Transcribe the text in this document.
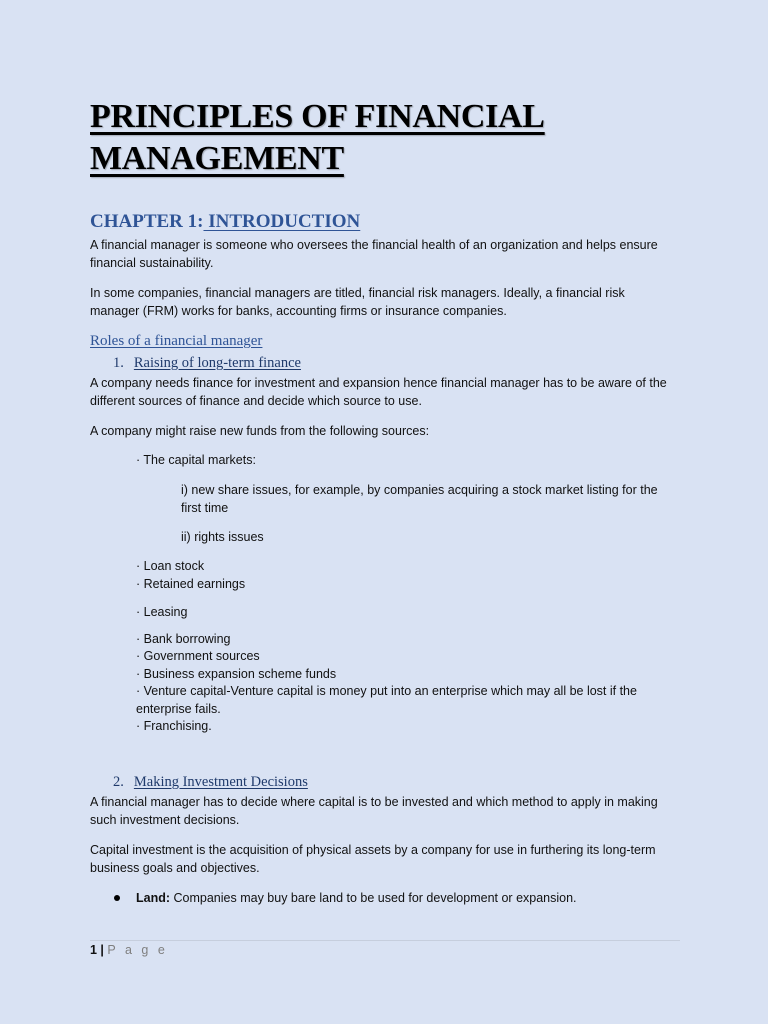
PRINCIPLES OF FINANCIAL
MANAGEMENT
CHAPTER 1: INTRODUCTION
A financial manager is someone who oversees the financial health of an organization and helps ensure
financial sustainability.
In some companies, financial managers are titled, financial risk managers. Ideally, a financial risk
manager (FRM) works for banks, accounting firms or insurance companies.
Roles of a financial manager
1. Raising of long-term finance
A company needs finance for investment and expansion hence financial manager has to be aware of the
different sources of finance and decide which source to use.
A company might raise new funds from the following sources:
· The capital markets:
i) new share issues, for example, by companies acquiring a stock market listing for the
first time
ii) rights issues
· Loan stock
· Retained earnings
· Leasing
· Bank borrowing
· Government sources
· Business expansion scheme funds
· Venture capital-Venture capital is money put into an enterprise which may all be lost if the
enterprise fails.
· Franchising.
2. Making Investment Decisions
A financial manager has to decide where capital is to be invested and which method to apply in making
such investment decisions.
Capital investment is the acquisition of physical assets by a company for use in furthering its long-term
business goals and objectives.
Land: Companies may buy bare land to be used for development or expansion.
1 | P a g e
